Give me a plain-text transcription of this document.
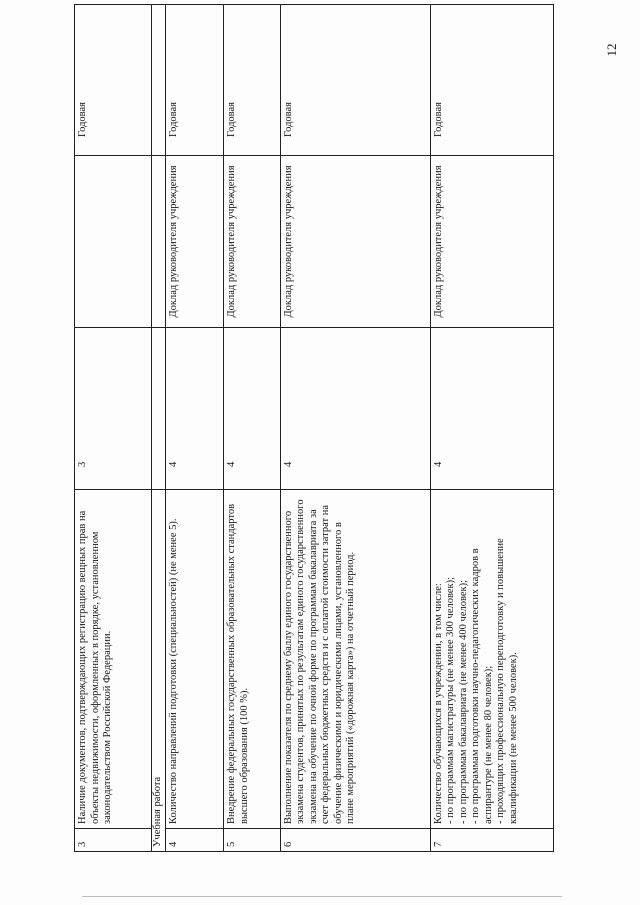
12
3	Наличие документов, подтверждающих регистрацию вещных прав на объекты недвижимости, оформленных в порядке, установленном законодательством Российской Федерации.	3		Годовая
Учебная работа				
4	Количество направлений подготовки (специальностей) (не менее 5).	4	Доклад руководителя учреждения	Годовая
5	Внедрение федеральных государственных образовательных стандартов высшего образования (100 %).	4	Доклад руководителя учреждения	Годовая
6	Выполнение показателя по среднему баллу единого государственного экзамена студентов, принятых по результатам единого государственного экзамена на обучение по очной форме по программам бакалавриата за счет федеральных бюджетных средств и с оплатой стоимости затрат на обучение физическими и юридическими лицами, установленного в плане мероприятий («дорожная карта») на отчетный период.	4	Доклад руководителя учреждения	Годовая
7	Количество обучающихся в учреждении, в том числе:
- по программам магистратуры (не менее 300 человек);
- по программам бакалавриата (не менее 400 человек);
- по программам подготовки научно-педагогических кадров в аспирантуре (не менее 80 человек);
- проходящих профессиональную переподготовку и повышение квалификации (не менее 500 человек).	4	Доклад руководителя учреждения	Годовая
